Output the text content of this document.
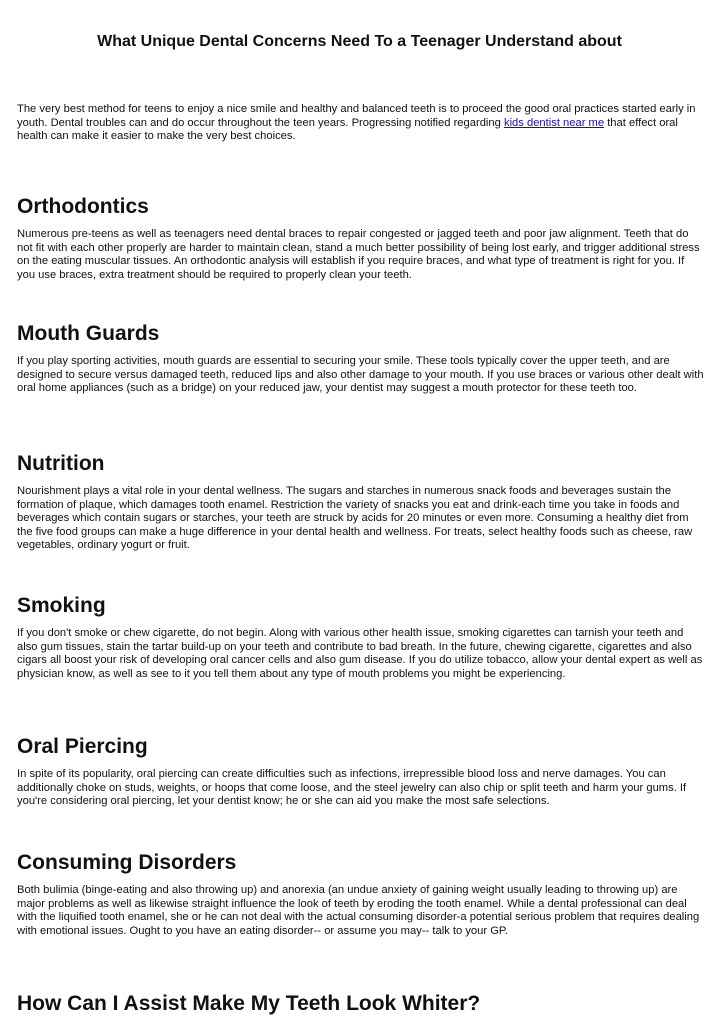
What Unique Dental Concerns Need To a Teenager Understand about

The very best method for teens to enjoy a nice smile and healthy and balanced teeth is to proceed the good oral practices started early in youth. Dental troubles can and do occur throughout the teen years. Progressing notified regarding kids dentist near me that effect oral health can make it easier to make the very best choices.

Orthodontics

Numerous pre-teens as well as teenagers need dental braces to repair congested or jagged teeth and poor jaw alignment. Teeth that do not fit with each other properly are harder to maintain clean, stand a much better possibility of being lost early, and trigger additional stress on the eating muscular tissues. An orthodontic analysis will establish if you require braces, and what type of treatment is right for you. If you use braces, extra treatment should be required to properly clean your teeth.

Mouth Guards

If you play sporting activities, mouth guards are essential to securing your smile. These tools typically cover the upper teeth, and are designed to secure versus damaged teeth, reduced lips and also other damage to your mouth. If you use braces or various other dealt with oral home appliances (such as a bridge) on your reduced jaw, your dentist may suggest a mouth protector for these teeth too.

Nutrition

Nourishment plays a vital role in your dental wellness. The sugars and starches in numerous snack foods and beverages sustain the formation of plaque, which damages tooth enamel. Restriction the variety of snacks you eat and drink-each time you take in foods and beverages which contain sugars or starches, your teeth are struck by acids for 20 minutes or even more. Consuming a healthy diet from the five food groups can make a huge difference in your dental health and wellness. For treats, select healthy foods such as cheese, raw vegetables, ordinary yogurt or fruit.

Smoking

If you don't smoke or chew cigarette, do not begin. Along with various other health issue, smoking cigarettes can tarnish your teeth and also gum tissues, stain the tartar build-up on your teeth and contribute to bad breath. In the future, chewing cigarette, cigarettes and also cigars all boost your risk of developing oral cancer cells and also gum disease. If you do utilize tobacco, allow your dental expert as well as physician know, as well as see to it you tell them about any type of mouth problems you might be experiencing.

Oral Piercing

In spite of its popularity, oral piercing can create difficulties such as infections, irrepressible blood loss and nerve damages. You can additionally choke on studs, weights, or hoops that come loose, and the steel jewelry can also chip or split teeth and harm your gums. If you're considering oral piercing, let your dentist know; he or she can aid you make the most safe selections.

Consuming Disorders

Both bulimia (binge-eating and also throwing up) and anorexia (an undue anxiety of gaining weight usually leading to throwing up) are major problems as well as likewise straight influence the look of teeth by eroding the tooth enamel. While a dental professional can deal with the liquified tooth enamel, she or he can not deal with the actual consuming disorder-a potential serious problem that requires dealing with emotional issues. Ought to you have an eating disorder-- or assume you may-- talk to your GP.

How Can I Assist Make My Teeth Look Whiter?
